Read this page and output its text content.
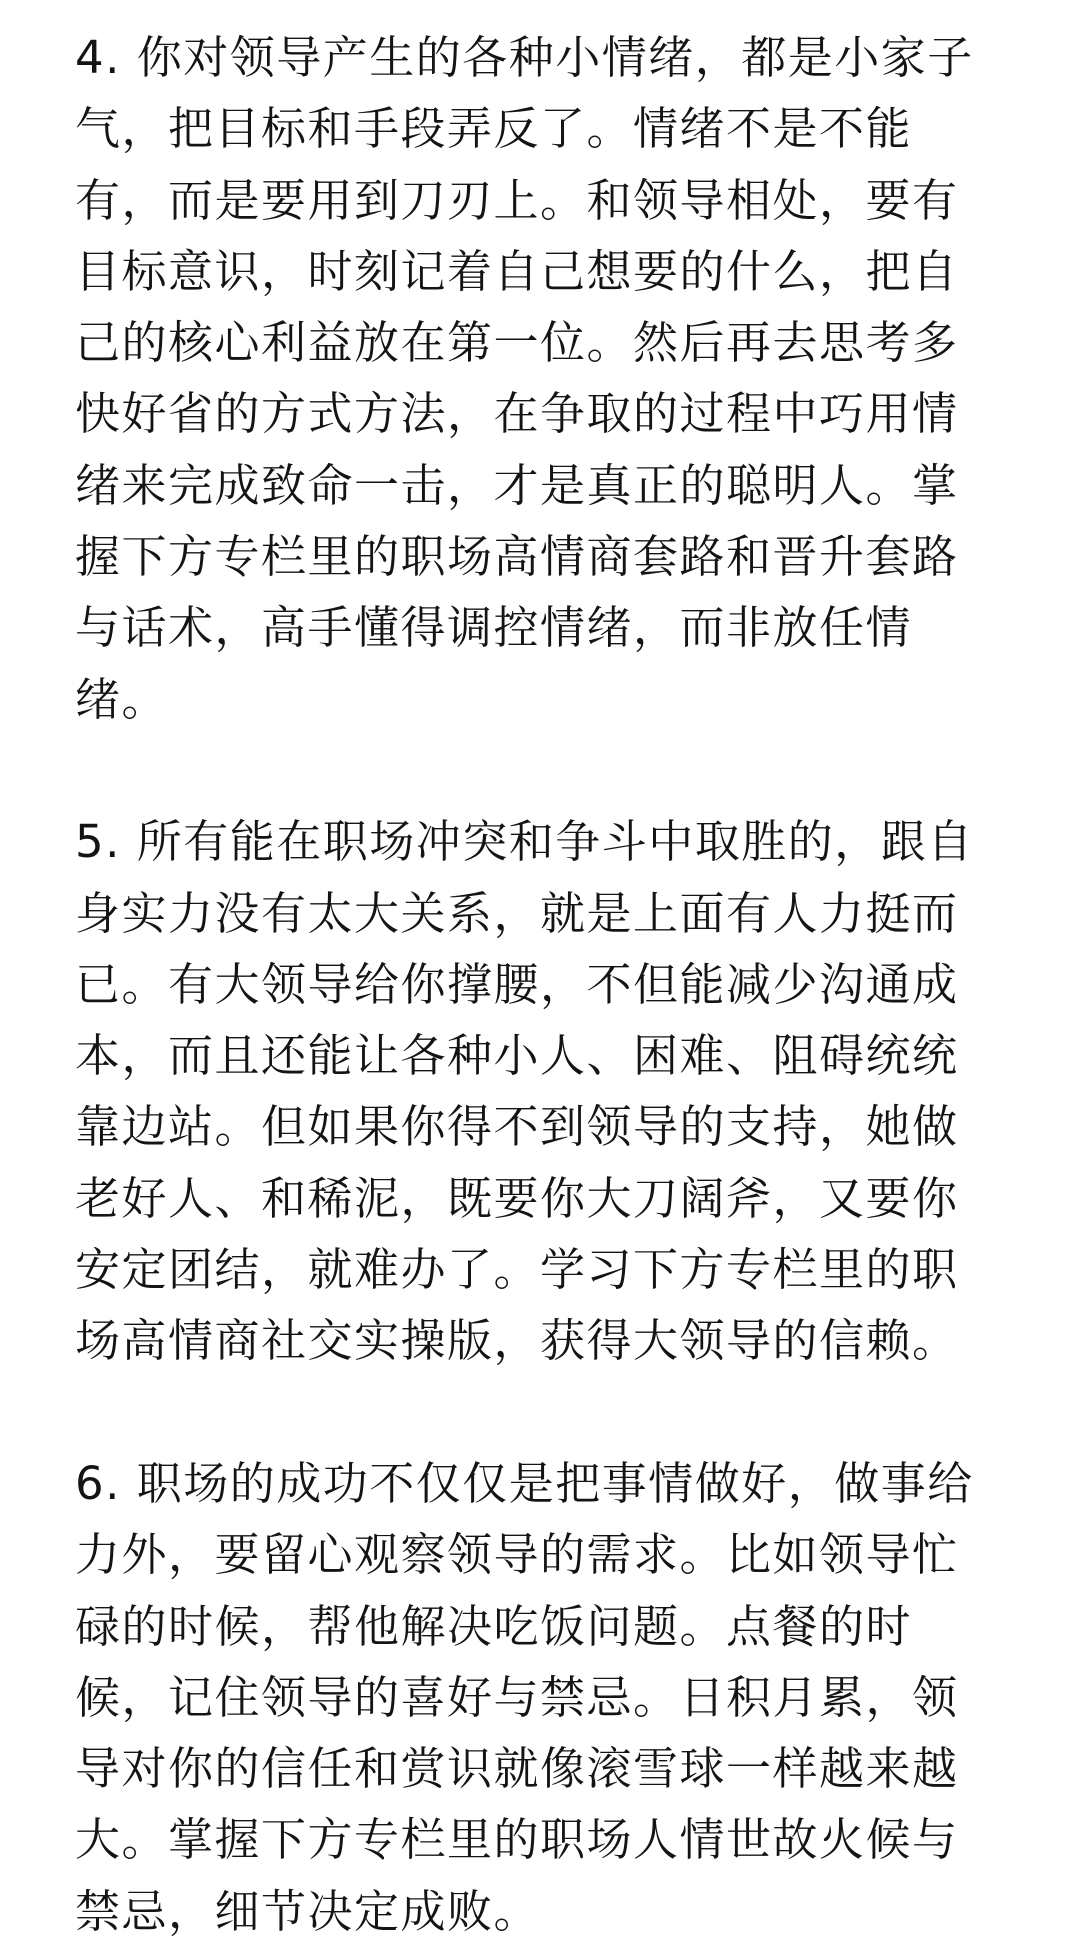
4. 你对领导产生的各种小情绪，都是小家子
气，把目标和手段弄反了。情绪不是不能
有，而是要用到刀刃上。和领导相处，要有
目标意识，时刻记着自己想要的什么，把自
己的核心利益放在第一位。然后再去思考多
快好省的方式方法，在争取的过程中巧用情
绪来完成致命一击，才是真正的聪明人。掌
握下方专栏里的职场高情商套路和晋升套路
与话术，高手懂得调控情绪，而非放任情
绪。
5. 所有能在职场冲突和争斗中取胜的，跟自
身实力没有太大关系，就是上面有人力挺而
已。有大领导给你撑腰，不但能减少沟通成
本，而且还能让各种小人、困难、阻碍统统
靠边站。但如果你得不到领导的支持，她做
老好人、和稀泥，既要你大刀阔斧，又要你
安定团结，就难办了。学习下方专栏里的职
场高情商社交实操版，获得大领导的信赖。
6. 职场的成功不仅仅是把事情做好，做事给
力外，要留心观察领导的需求。比如领导忙
碌的时候，帮他解决吃饭问题。点餐的时
候，记住领导的喜好与禁忌。日积月累，领
导对你的信任和赏识就像滚雪球一样越来越
大。掌握下方专栏里的职场人情世故火候与
禁忌，细节决定成败。
